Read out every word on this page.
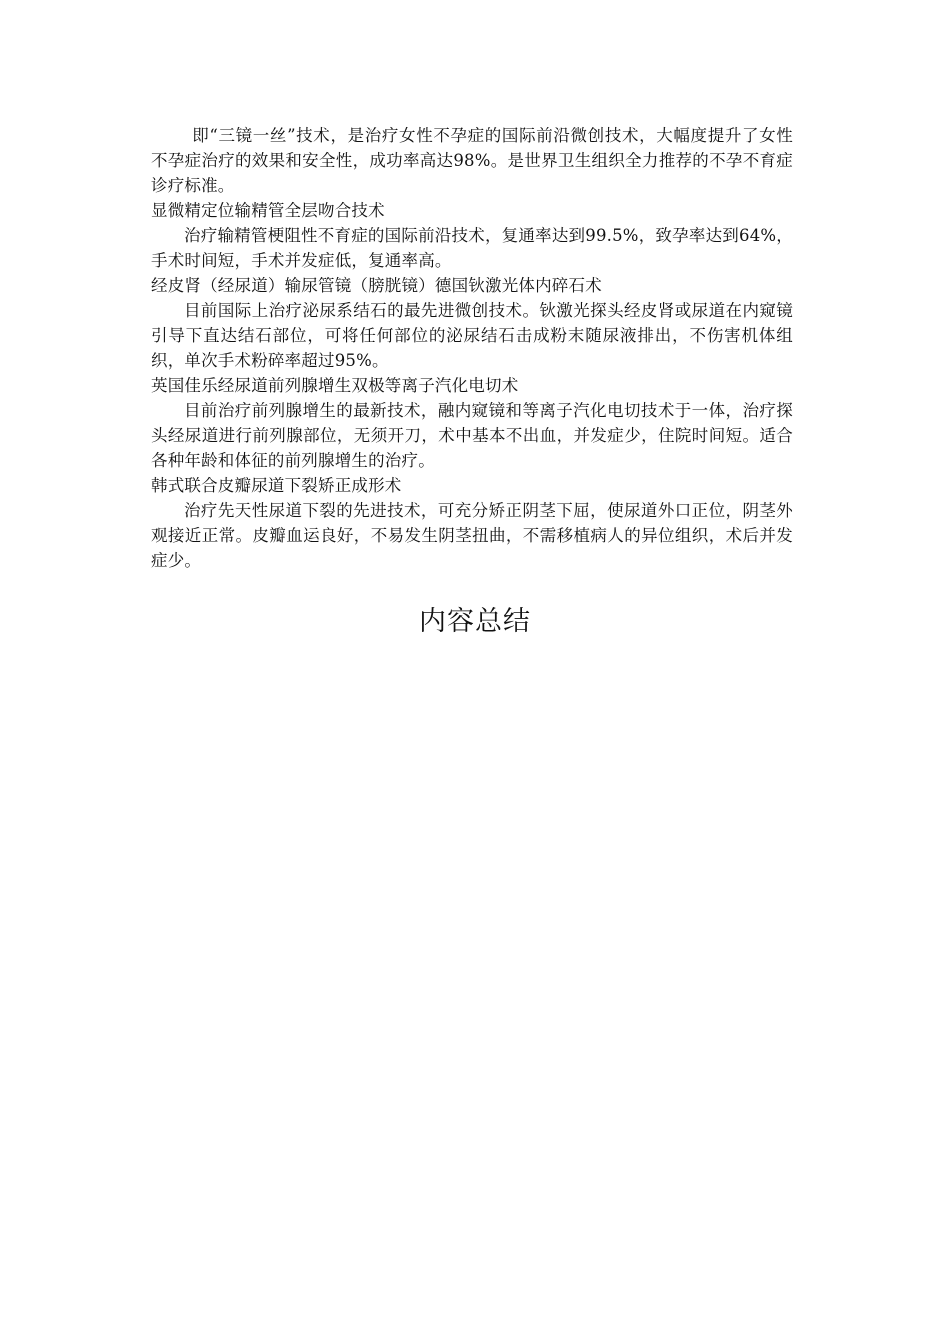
即“三镜一丝”技术，是治疗女性不孕症的国际前沿微创技术，大幅度提升了女性不孕症治疗的效果和安全性，成功率高达98%。是世界卫生组织全力推荐的不孕不育症诊疗标准。

显微精定位输精管全层吻合技术

治疗输精管梗阻性不育症的国际前沿技术，复通率达到99.5%，致孕率达到64%，手术时间短，手术并发症低，复通率高。

经皮肾（经尿道）输尿管镜（膀胱镜）德国钬激光体内碎石术

目前国际上治疗泌尿系结石的最先进微创技术。钬激光探头经皮肾或尿道在内窥镜引导下直达结石部位，可将任何部位的泌尿结石击成粉末随尿液排出，不伤害机体组织，单次手术粉碎率超过95%。

英国佳乐经尿道前列腺增生双极等离子汽化电切术

目前治疗前列腺增生的最新技术，融内窥镜和等离子汽化电切技术于一体，治疗探头经尿道进行前列腺部位，无须开刀，术中基本不出血，并发症少，住院时间短。适合各种年龄和体征的前列腺增生的治疗。

韩式联合皮瓣尿道下裂矫正成形术

治疗先天性尿道下裂的先进技术，可充分矫正阴茎下屈，使尿道外口正位，阴茎外观接近正常。皮瓣血运良好，不易发生阴茎扭曲，不需移植病人的异位组织，术后并发症少。

内容总结
